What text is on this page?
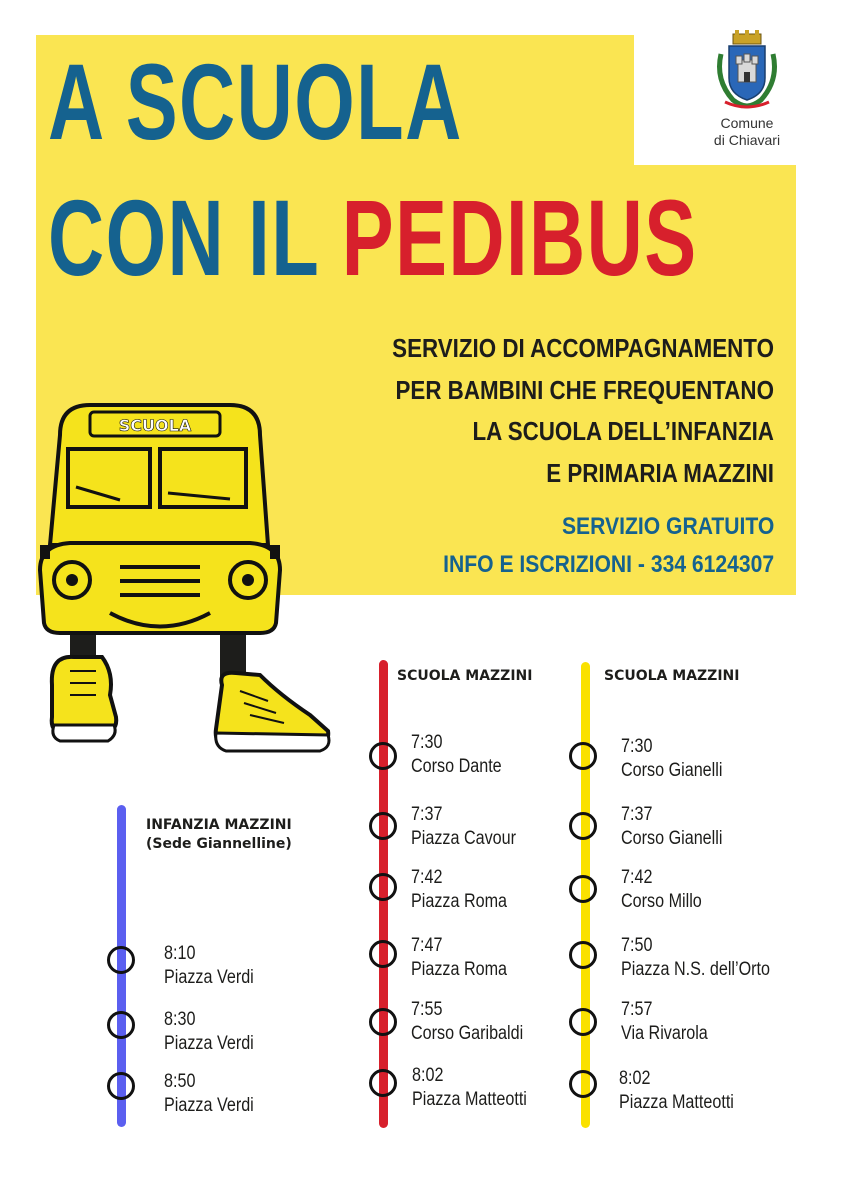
A SCUOLA
CON IL PEDIBUS
Comune
di Chiavari
SERVIZIO DI ACCOMPAGNAMENTO
PER BAMBINI CHE FREQUENTANO
LA SCUOLA DELL’INFANZIA
E PRIMARIA MAZZINI
SERVIZIO GRATUITO
INFO E ISCRIZIONI - 334 6124307
SCUOLA
INFANZIA MAZZINI
(Sede Giannelline)
SCUOLA MAZZINI	SCUOLA MAZZINI
8:10
Piazza Verdi
8:30
Piazza Verdi
8:50
Piazza Verdi
7:30
Corso Dante
7:37
Piazza Cavour
7:42
Piazza Roma
7:47
Piazza Roma
7:55
Corso Garibaldi
8:02
Piazza Matteotti
7:30
Corso Gianelli
7:37
Corso Gianelli
7:42
Corso Millo
7:50
Piazza N.S. dell’Orto
7:57
Via Rivarola
8:02
Piazza Matteotti
